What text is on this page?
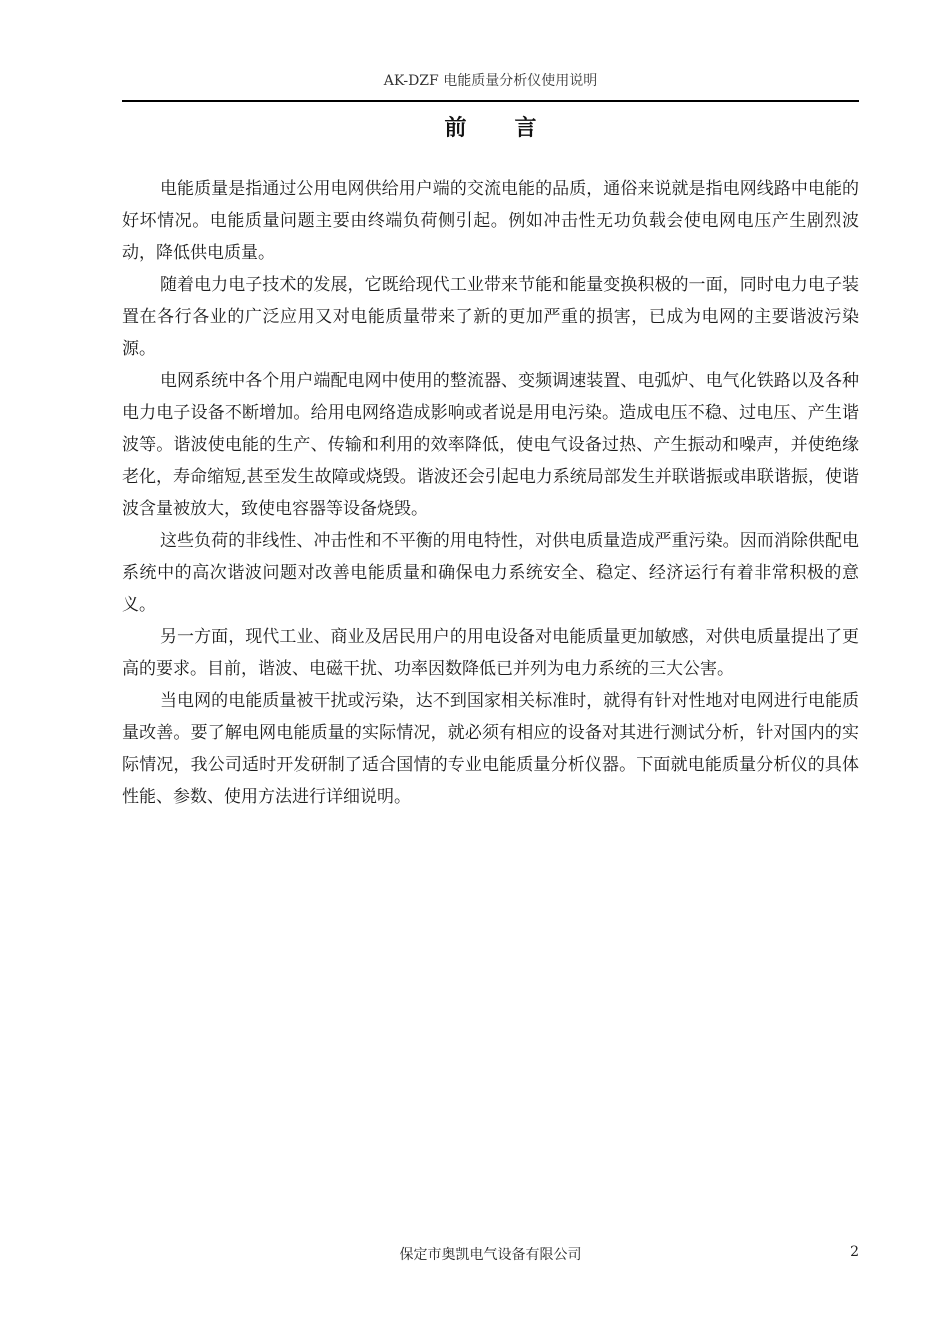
AK-DZF 电能质量分析仪使用说明
前言

电能质量是指通过公用电网供给用户端的交流电能的品质，通俗来说就是指电网线路中电能的好坏情况。电能质量问题主要由终端负荷侧引起。例如冲击性无功负载会使电网电压产生剧烈波动，降低供电质量。

随着电力电子技术的发展，它既给现代工业带来节能和能量变换积极的一面，同时电力电子装置在各行各业的广泛应用又对电能质量带来了新的更加严重的损害，已成为电网的主要谐波污染源。

电网系统中各个用户端配电网中使用的整流器、变频调速装置、电弧炉、电气化铁路以及各种电力电子设备不断增加。给用电网络造成影响或者说是用电污染。造成电压不稳、过电压、产生谐波等。谐波使电能的生产、传输和利用的效率降低，使电气设备过热、产生振动和噪声，并使绝缘老化，寿命缩短,甚至发生故障或烧毁。谐波还会引起电力系统局部发生并联谐振或串联谐振，使谐波含量被放大，致使电容器等设备烧毁。

这些负荷的非线性、冲击性和不平衡的用电特性，对供电质量造成严重污染。因而消除供配电系统中的高次谐波问题对改善电能质量和确保电力系统安全、稳定、经济运行有着非常积极的意义。

另一方面，现代工业、商业及居民用户的用电设备对电能质量更加敏感，对供电质量提出了更高的要求。目前，谐波、电磁干扰、功率因数降低已并列为电力系统的三大公害。

当电网的电能质量被干扰或污染，达不到国家相关标准时，就得有针对性地对电网进行电能质量改善。要了解电网电能质量的实际情况，就必须有相应的设备对其进行测试分析，针对国内的实际情况，我公司适时开发研制了适合国情的专业电能质量分析仪器。下面就电能质量分析仪的具体性能、参数、使用方法进行详细说明。

保定市奥凯电气设备有限公司	2
